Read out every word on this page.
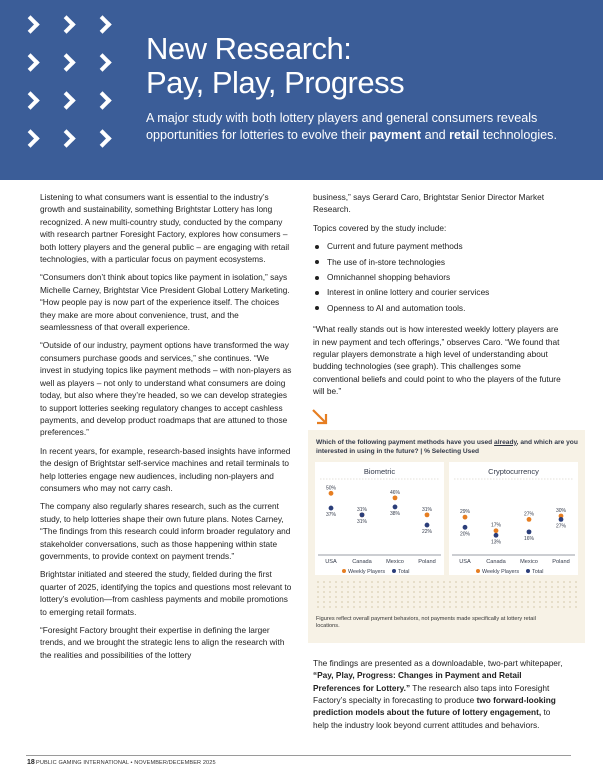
New Research:
Pay, Play, Progress

A major study with both lottery players and general consumers reveals opportunities for lotteries to evolve their payment and retail technologies.

Listening to what consumers want is essential to the industry’s growth and sustainability, something Brightstar Lottery has long recognized. A new multi-country study, conducted by the company with research partner Foresight Factory, explores how consumers – both lottery players and the general public – are engaging with retail technologies, with a particular focus on payment ecosystems.

“Consumers don’t think about topics like payment in isolation,” says Michelle Carney, Brightstar Vice President Global Lottery Marketing. “How people pay is now part of the experience itself. The choices they make are more about convenience, trust, and the seamlessness of that overall experience.

“Outside of our industry, payment options have transformed the way consumers purchase goods and services,” she continues. “We invest in studying topics like payment methods – with non-players as well as players – not only to understand what consumers are doing today, but also where they’re headed, so we can develop strategies to support lotteries seeking regulatory changes to accept cashless payments, and develop product roadmaps that are attuned to those preferences.”

In recent years, for example, research-based insights have informed the design of Brightstar self-service machines and retail terminals to help lotteries engage new audiences, including non-players and consumers who may not carry cash.

The company also regularly shares research, such as the current study, to help lotteries shape their own future plans. Notes Carney, “The findings from this research could inform broader regulatory and stakeholder conversations, such as those happening within state governments, to provide context on payment trends.”

Brightstar initiated and steered the study, fielded during the first quarter of 2025, identifying the topics and questions most relevant to lottery’s evolution—from cashless payments and mobile promotions to emerging retail formats.

“Foresight Factory brought their expertise in defining the larger trends, and we brought the strategic lens to align the research with the realities and possibilities of the lottery

business,” says Gerard Caro, Brightstar Senior Director Market Research.

Topics covered by the study include:

Current and future payment methods
The use of in-store technologies
Omnichannel shopping behaviors
Interest in online lottery and courier services
Openness to AI and automation tools.

“What really stands out is how interested weekly lottery players are in new payment and tech offerings,” observes Caro. “We found that regular players demonstrate a high level of understanding about budding technologies (see graph). This challenges some conventional beliefs and could point to who the players of the future will be.”

Which of the following payment methods have you used already, and which are you interested in using in the future? | % Selecting Used
Biometric	Cryptocurrency
USA	Canada	Mexico	Poland	USA	Canada	Mexico	Poland
Weekly Players Total	Weekly Players Total
50%
31%
46%
31%
37%
31%
38%
22%
29%
17%
27%
30%
20%
13%
16%
27%

Figures reflect overall payment behaviors, not payments made specifically at lottery retail locations.

The findings are presented as a downloadable, two-part whitepaper, “Pay, Play, Progress: Changes in Payment and Retail Preferences for Lottery.” The research also taps into Foresight Factory’s specialty in forecasting to produce two forward-looking prediction models about the future of lottery engagement, to help the industry look beyond current attitudes and behaviors.

18 PUBLIC GAMING INTERNATIONAL • NOVEMBER/DECEMBER 2025
